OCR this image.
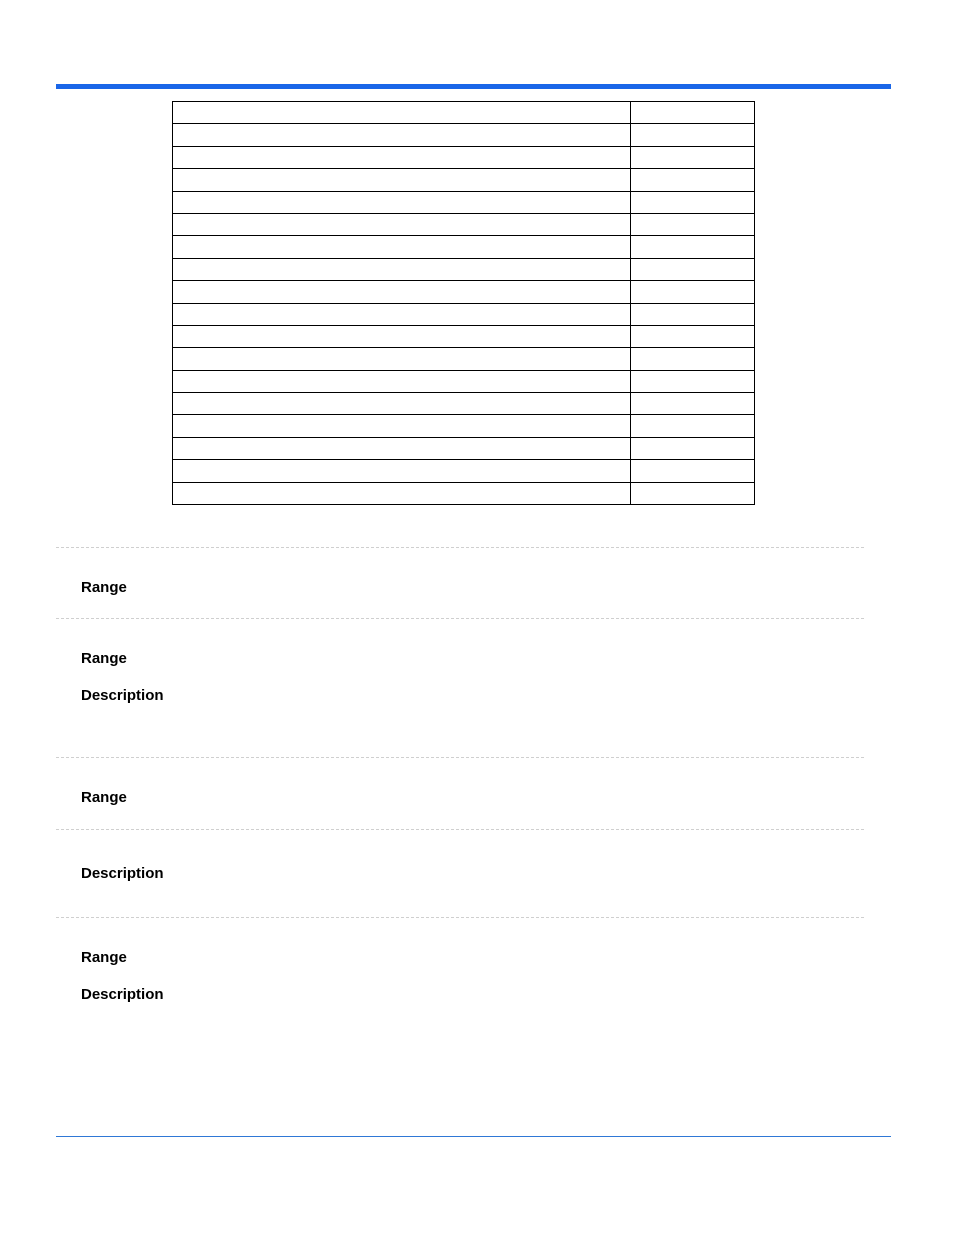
Range
Range
Description
Range
Description
Range
Description
